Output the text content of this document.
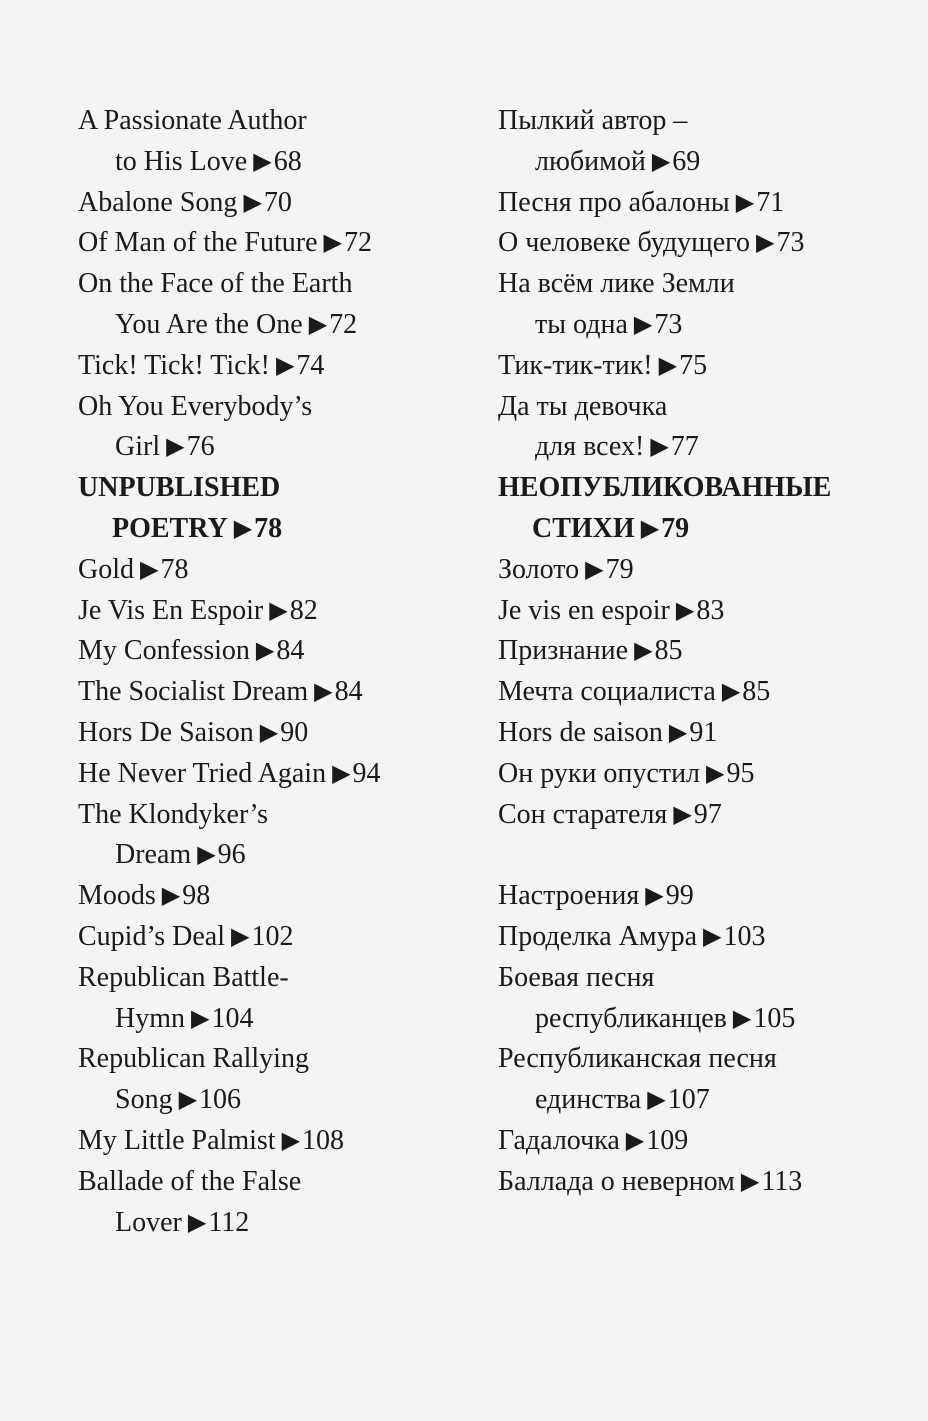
A Passionate Author
to His Love ▶ 68
Abalone Song ▶ 70
Of Man of the Future ▶ 72
On the Face of the Earth
You Are the One ▶ 72
Tick! Tick! Tick! ▶ 74
Oh You Everybody’s
Girl ▶ 76
UNPUBLISHED
POETRY ▶ 78
Gold ▶ 78
Je Vis En Espoir ▶ 82
My Confession ▶ 84
The Socialist Dream ▶ 84
Hors De Saison ▶ 90
He Never Tried Again ▶ 94
The Klondyker’s
Dream ▶ 96
Moods ▶ 98
Cupid’s Deal ▶ 102
Republican Battle-
Hymn ▶ 104
Republican Rallying
Song ▶ 106
My Little Palmist ▶ 108
Ballade of the False
Lover ▶ 112
Пылкий автор –
любимой ▶ 69
Песня про абалоны ▶ 71
О человеке будущего ▶ 73
На всём лике Земли
ты одна ▶ 73
Тик-тик-тик! ▶ 75
Да ты девочка
для всех! ▶ 77
НЕОПУБЛИКОВАННЫЕ
СТИХИ ▶ 79
Золото ▶ 79
Je vis en espoir ▶ 83
Признание ▶ 85
Мечта социалиста ▶ 85
Hors de saison ▶ 91
Он руки опустил ▶ 95
Сон старателя ▶ 97
Настроения ▶ 99
Проделка Амура ▶ 103
Боевая песня
республиканцев ▶ 105
Республиканская песня
единства ▶ 107
Гадалочка ▶ 109
Баллада о неверном ▶ 113
